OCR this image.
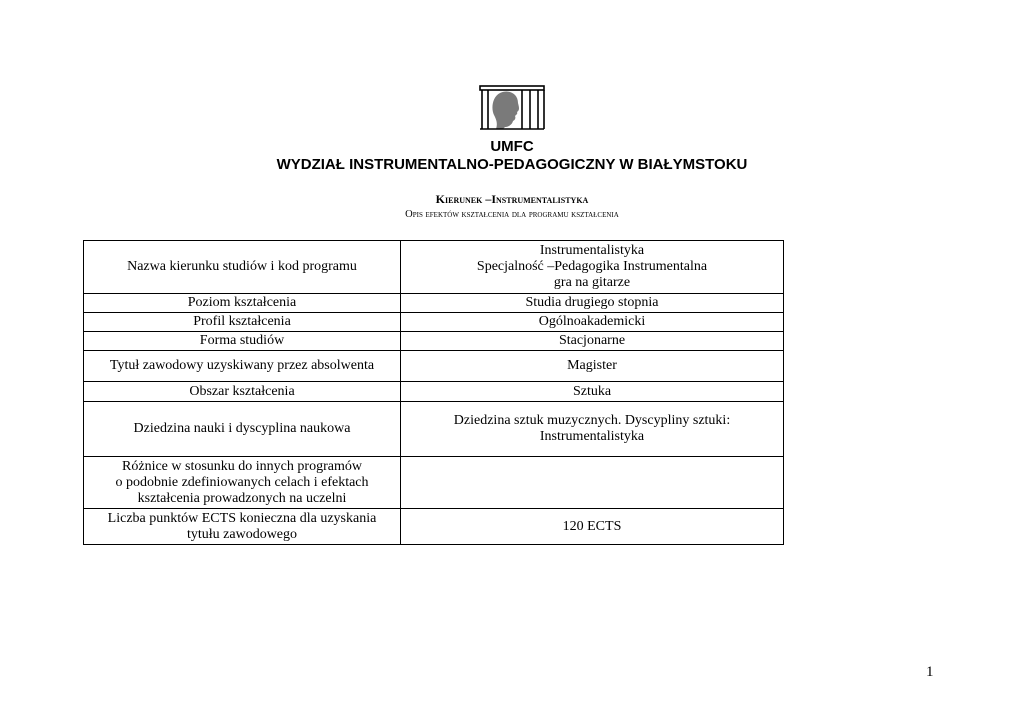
UMFC
WYDZIAŁ INSTRUMENTALNO-PEDAGOGICZNY W BIAŁYMSTOKU
Kierunek –Instrumentalistyka
Opis efektów kształcenia dla programu kształcenia
Nazwa kierunku studiów i kod programu	Instrumentalistyka
Specjalność –Pedagogika Instrumentalna
gra na gitarze

Poziom kształcenia	Studia drugiego stopnia

Profil kształcenia	Ogólnoakademicki

Forma studiów	Stacjonarne

Tytuł zawodowy uzyskiwany przez absolwenta	Magister

Obszar kształcenia	Sztuka

Dziedzina nauki i dyscyplina naukowa	Dziedzina sztuk muzycznych. Dyscypliny sztuki:
Instrumentalistyka

Różnice w stosunku do innych programów
o podobnie zdefiniowanych celach i efektach
kształcenia prowadzonych na uczelni	

Liczba punktów ECTS konieczna dla uzyskania
tytułu zawodowego	120 ECTS
1
